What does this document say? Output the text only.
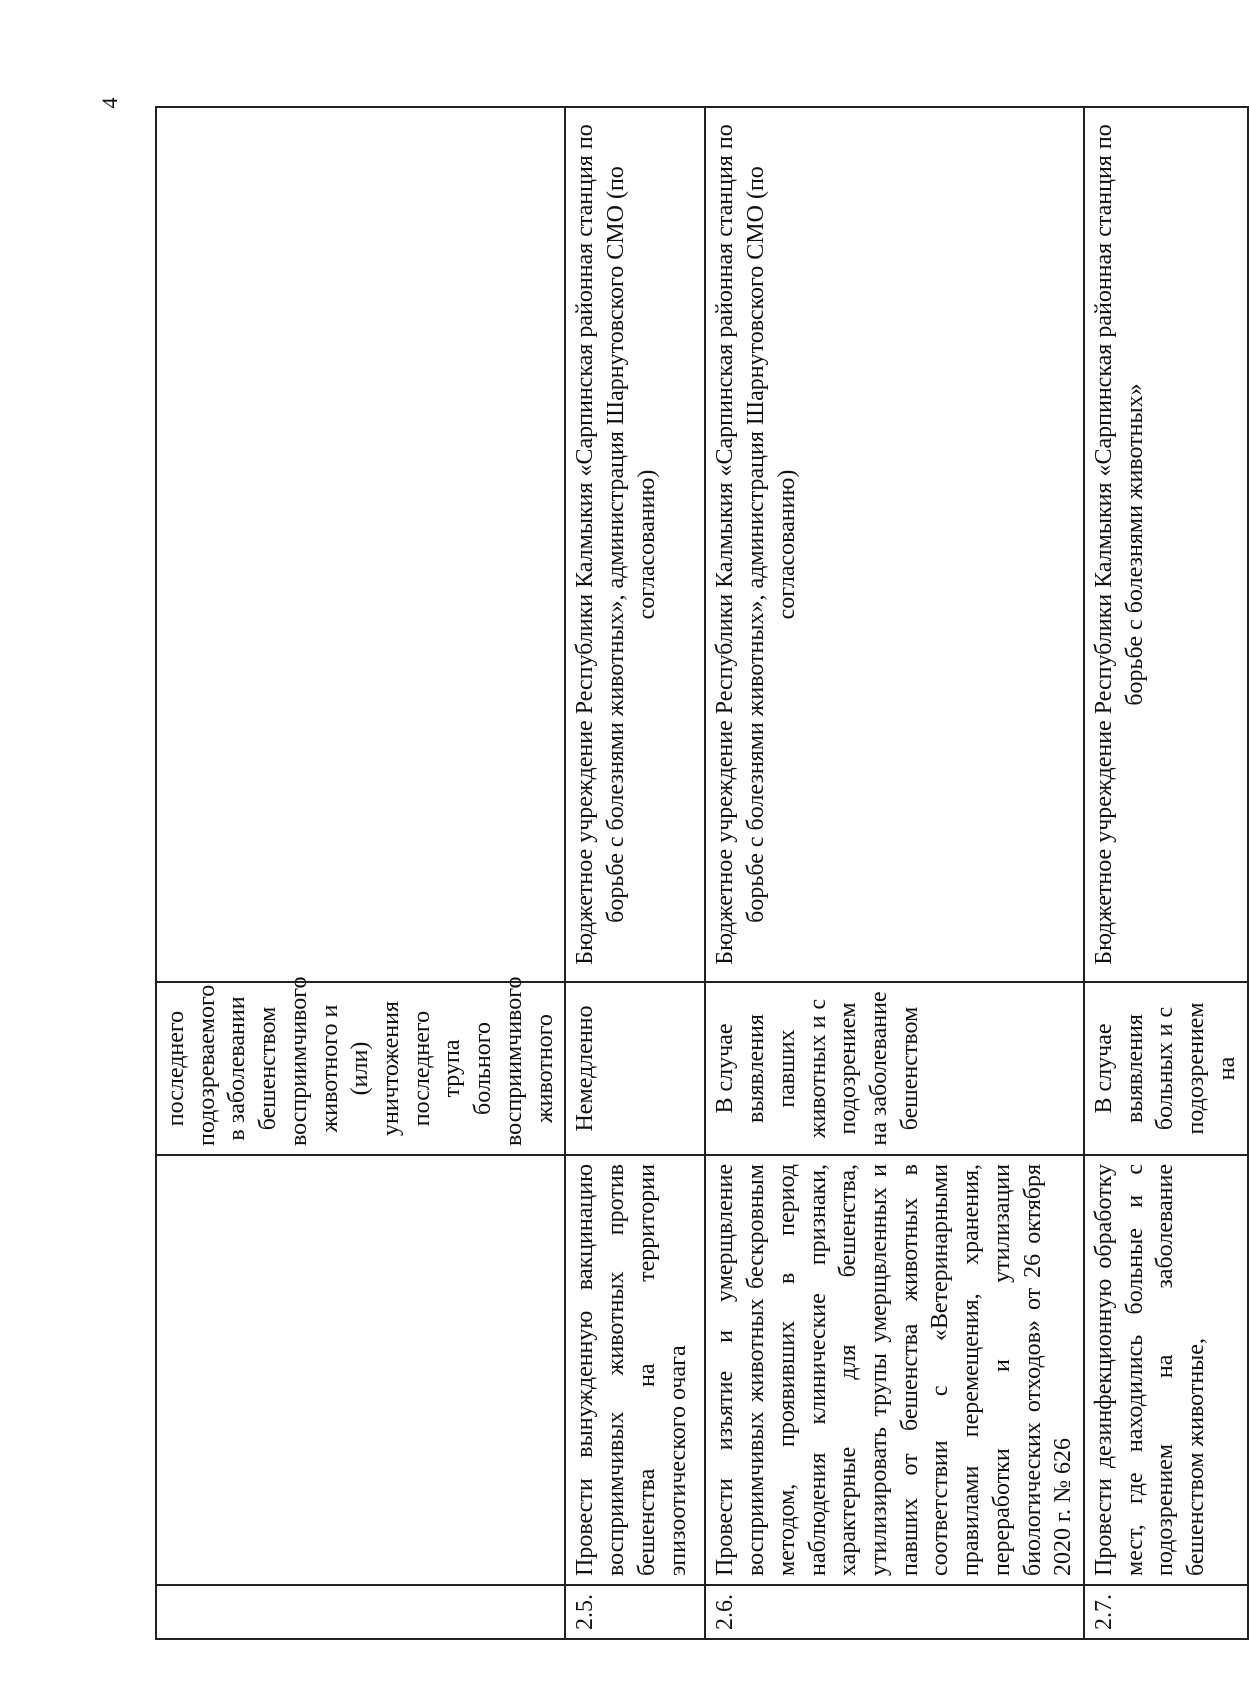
4
		последнего подозреваемого в заболевании бешенством восприимчивого животного и (или) уничтожения последнего трупа больного восприимчивого животного	
2.5.	Провести вынужденную вакцинацию восприимчивых животных против бешенства на территории эпизоотического очага	Немедленно	Бюджетное учреждение Республики Калмыкия «Сарпинская районная станция по борьбе с болезнями животных», администрация Шарнутовского СМО (по согласованию)
2.6.	Провести изъятие и умерщвление восприимчивых животных бескровным методом, проявивших в период наблюдения клинические признаки, характерные для бешенства, утилизировать трупы умерщвленных и павших от бешенства животных в соответствии с «Ветеринарными правилами перемещения, хранения, переработки и утилизации биологических отходов» от 26 октября 2020 г. № 626	В случае выявления павших животных и с подозрением на заболевание бешенством	Бюджетное учреждение Республики Калмыкия «Сарпинская районная станция по борьбе с болезнями животных», администрация Шарнутовского СМО (по согласованию)
2.7.	Провести дезинфекционную обработку мест, где находились больные и с подозрением на заболевание бешенством животные,	В случае выявления больных и с подозрением на	Бюджетное учреждение Республики Калмыкия «Сарпинская районная станция по борьбе с болезнями животных»
